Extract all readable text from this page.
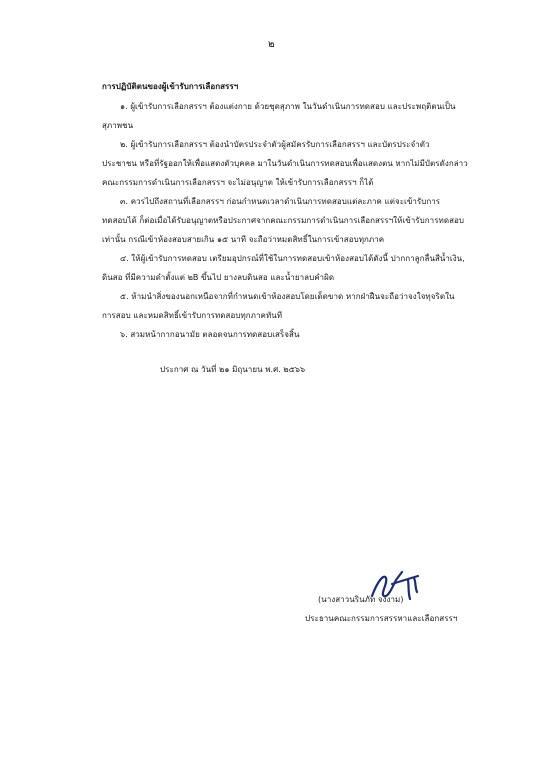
๒
การปฏิบัติตนของผู้เข้ารับการเลือกสรรฯ
๑. ผู้เข้ารับการเลือกสรรฯ ต้องแต่งกาย ด้วยชุดสุภาพ ในวันดำเนินการทดสอบ และประพฤติตนเป็น
สุภาพชน
๒. ผู้เข้ารับการเลือกสรรฯ ต้องนำบัตรประจำตัวผู้สมัครรับการเลือกสรรฯ และบัตรประจำตัว
ประชาชน หรือที่รัฐออกให้เพื่อแสดงตัวบุคคล มาในวันดำเนินการทดสอบเพื่อแสดงตน หากไม่มีบัตรดังกล่าว
คณะกรรมการดำเนินการเลือกสรรฯ จะไม่อนุญาต ให้เข้ารับการเลือกสรรฯ ก็ได้
๓. ควรไปถึงสถานที่เลือกสรรฯ ก่อนกำหนดเวลาดำเนินการทดสอบแต่ละภาค แต่จะเข้ารับการ
ทดสอบได้ ก็ต่อเมื่อได้รับอนุญาตหรือประกาศจากคณะกรรมการดำเนินการเลือกสรรฯให้เข้ารับการทดสอบ
เท่านั้น กรณีเข้าห้องสอบสายเกิน ๑๕ นาที จะถือว่าหมดสิทธิ์ในการเข้าสอบทุกภาค
๔. ให้ผู้เข้ารับการทดสอบ เตรียมอุปกรณ์ที่ใช้ในการทดสอบเข้าห้องสอบได้ดังนี้ ปากกาลูกลื่นสีน้ำเงิน,
ดินสอ ที่มีความดำตั้งแต่ ๒B ขึ้นไป ยางลบดินสอ และน้ำยาลบคำผิด
๕. ห้ามนำสิ่งของนอกเหนือจากที่กำหนดเข้าห้องสอบโดยเด็ดขาด หากฝ่าฝืนจะถือว่าจงใจทุจริตใน
การสอบ และหมดสิทธิ์เข้ารับการทดสอบทุกภาคทันที
๖. สวมหน้ากากอนามัย ตลอดจนการทดสอบเสร็จสิ้น
ประกาศ ณ วันที่ ๒๑ มิถุนายน พ.ศ. ๒๕๖๖
(นางสาวนรินภัท จงงาม)
ประธานคณะกรรมการสรรหาและเลือกสรรฯ
